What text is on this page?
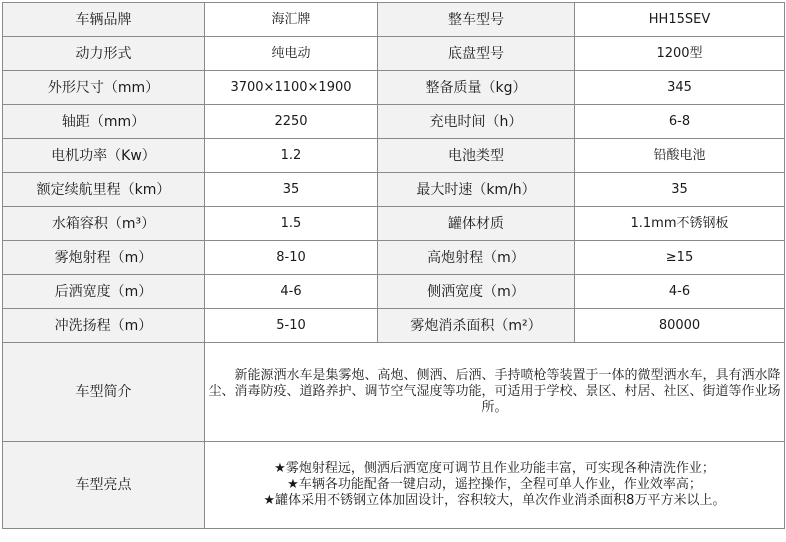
车辆品牌	海汇牌	整车型号	HH15SEV
动力形式	纯电动	底盘型号	1200型
外形尺寸（mm）	3700×1100×1900	整备质量（kg）	345
轴距（mm）	2250	充电时间（h）	6-8
电机功率（Kw）	1.2	电池类型	铅酸电池
额定续航里程（km）	35	最大时速（km/h）	35
水箱容积（m³）	1.5	罐体材质	1.1mm不锈钢板
雾炮射程（m）	8-10	高炮射程（m）	≥15
后洒宽度（m）	4-6	侧洒宽度（m）	4-6
冲洗扬程（m）	5-10	雾炮消杀面积（m²）	80000
车型简介	新能源洒水车是集雾炮、高炮、侧洒、后洒、手持喷枪等装置于一体的微型洒水车，具有洒水降尘、消毒防疫、道路养护、调节空气湿度等功能，可适用于学校、景区、村居、社区、街道等作业场所。		
车型亮点	★雾炮射程远，侧洒后洒宽度可调节且作业功能丰富，可实现各种清洗作业；
★车辆各功能配备一键启动，遥控操作，全程可单人作业，作业效率高；
★罐体采用不锈钢立体加固设计，容积较大，单次作业消杀面积8万平方米以上。		
